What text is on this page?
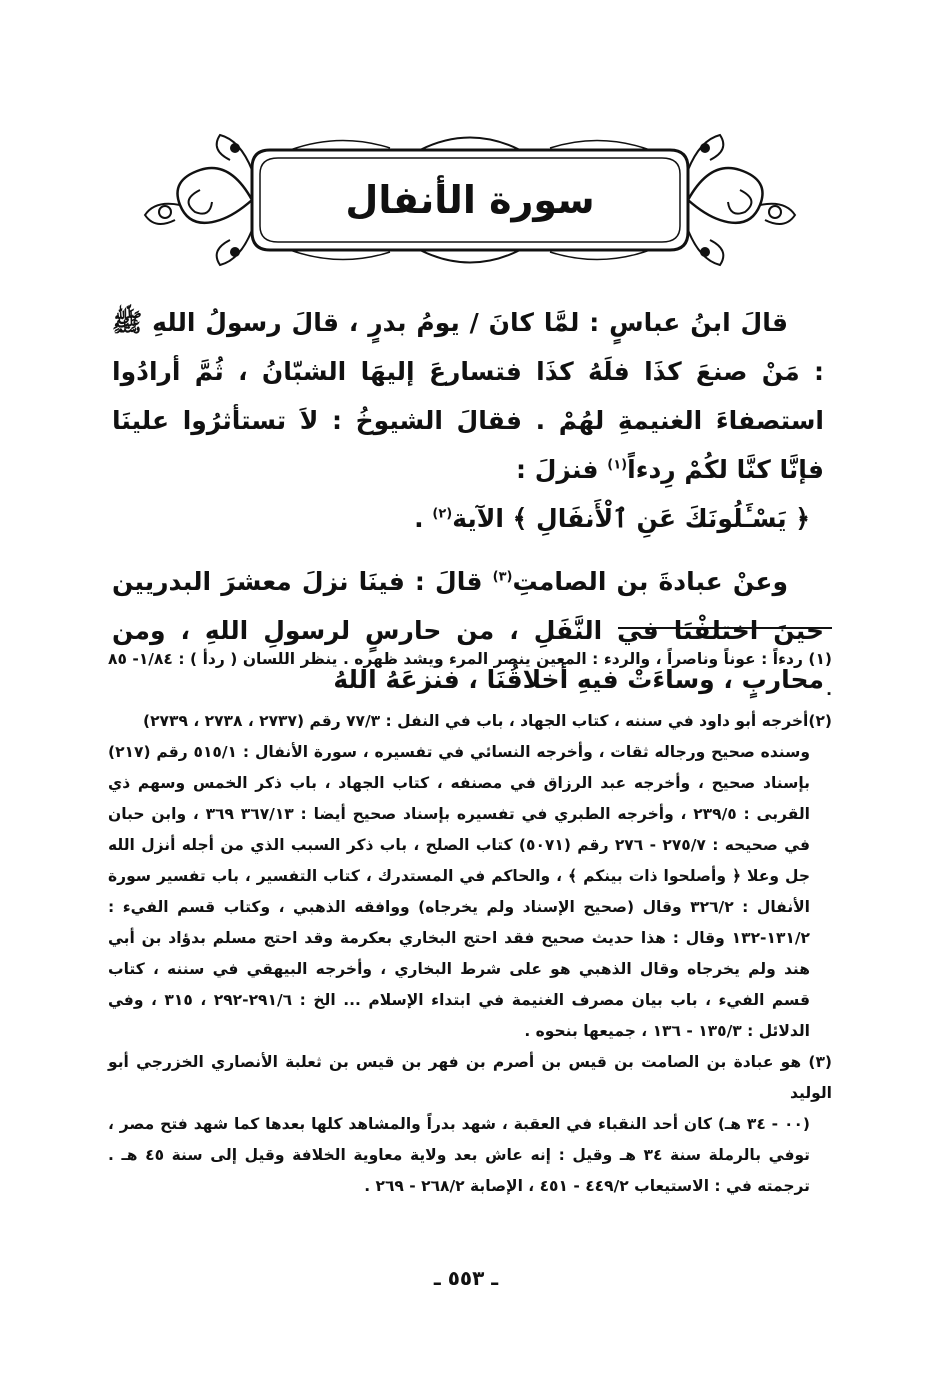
سورة الأنفال

قالَ ابنُ عباسٍ : لمَّا كانَ / يومُ بدرٍ ، قالَ رسولُ اللهِ ﷺ : مَنْ صنعَ كذَا فلَهُ كذَا فتسارعَ إليهَا الشبّانُ ، ثُمَّ أرادُوا استصفاءَ الغنيمةِ لهُمْ . فقالَ الشيوخُ : لاَ تستأثرُوا علينَا فإنَّا كنَّا لكُمْ رِدءاً$^{(١)}$ فنزلَ :

﴿ يَسْـَٔلُونَكَ عَنِ ٱلْأَنفَالِ ﴾ الآية$^{(٢)}$ .

وعنْ عبادةَ بن الصامتِ$^{(٣)}$ قالَ : فينَا نزلَ معشرَ البدريين حينَ اختلفْنَا في النَّفَلِ ، من حارسٍ لرسولِ اللهِ ، ومن محاربٍ ، وساءَتْ فيهِ أخلاقُنَا ، فنزعَهُ اللهُ

(١) ردءاً : عوناً وناصراً ، والردء : المعين ينصر المرء ويشد ظهره . ينظر اللسان ( ردأ ) : ١/٨٤- ٨٥ .

(٢)أخرجه أبو داود في سننه ، كتاب الجهاد ، باب في النفل : ٧٧/٣ رقم (٢٧٣٧ ، ٢٧٣٨ ، ٢٧٣٩)

وسنده صحيح ورجاله ثقات ، وأخرجه النسائي في تفسيره ، سورة الأنفال : ٥١٥/١ رقم (٢١٧) بإسناد صحيح ، وأخرجه عبد الرزاق في مصنفه ، كتاب الجهاد ، باب ذكر الخمس وسهم ذي القربى : ٢٣٩/٥ ، وأخرجه الطبري في تفسيره بإسناد صحيح أيضا : ٣٦٧/١٣ ٣٦٩ ، وابن حبان في صحيحه : ٢٧٥/٧ - ٢٧٦ رقم (٥٠٧١) كتاب الصلح ، باب ذكر السبب الذي من أجله أنزل الله جل وعلا ﴿ وأصلحوا ذات بينكم ﴾ ، والحاكم في المستدرك ، كتاب التفسير ، باب تفسير سورة الأنفال : ٣٢٦/٢ وقال (صحيح الإسناد ولم يخرجاه) ووافقه الذهبي ، وكتاب قسم الفيء : ١٣١/٢-١٣٢ وقال : هذا حديث صحيح فقد احتج البخاري بعكرمة وقد احتج مسلم بدؤاد بن أبي هند ولم يخرجاه وقال الذهبي هو على شرط البخاري ، وأخرجه البيهقي في سننه ، كتاب قسم الفيء ، باب بيان مصرف الغنيمة في ابتداء الإسلام ... الخ : ٢٩١/٦-٢٩٢ ، ٣١٥ ، وفي الدلائل : ١٣٥/٣ - ١٣٦ ، جميعها بنحوه .

(٣) هو عبادة بن الصامت بن قيس بن أصرم بن فهر بن قيس بن ثعلبة الأنصاري الخزرجي أبو الوليد

(٠٠ - ٣٤ هـ) كان أحد النقباء في العقبة ، شهد بدراً والمشاهد كلها بعدها كما شهد فتح مصر ، توفي بالرملة سنة ٣٤ هـ وقيل : إنه عاش بعد ولاية معاوية الخلافة وقيل إلى سنة ٤٥ هـ . ترجمته في : الاستيعاب ٤٤٩/٢ - ٤٥١ ، الإصابة ٢٦٨/٢ - ٢٦٩ .

ـ ٥٥٣ ـ
